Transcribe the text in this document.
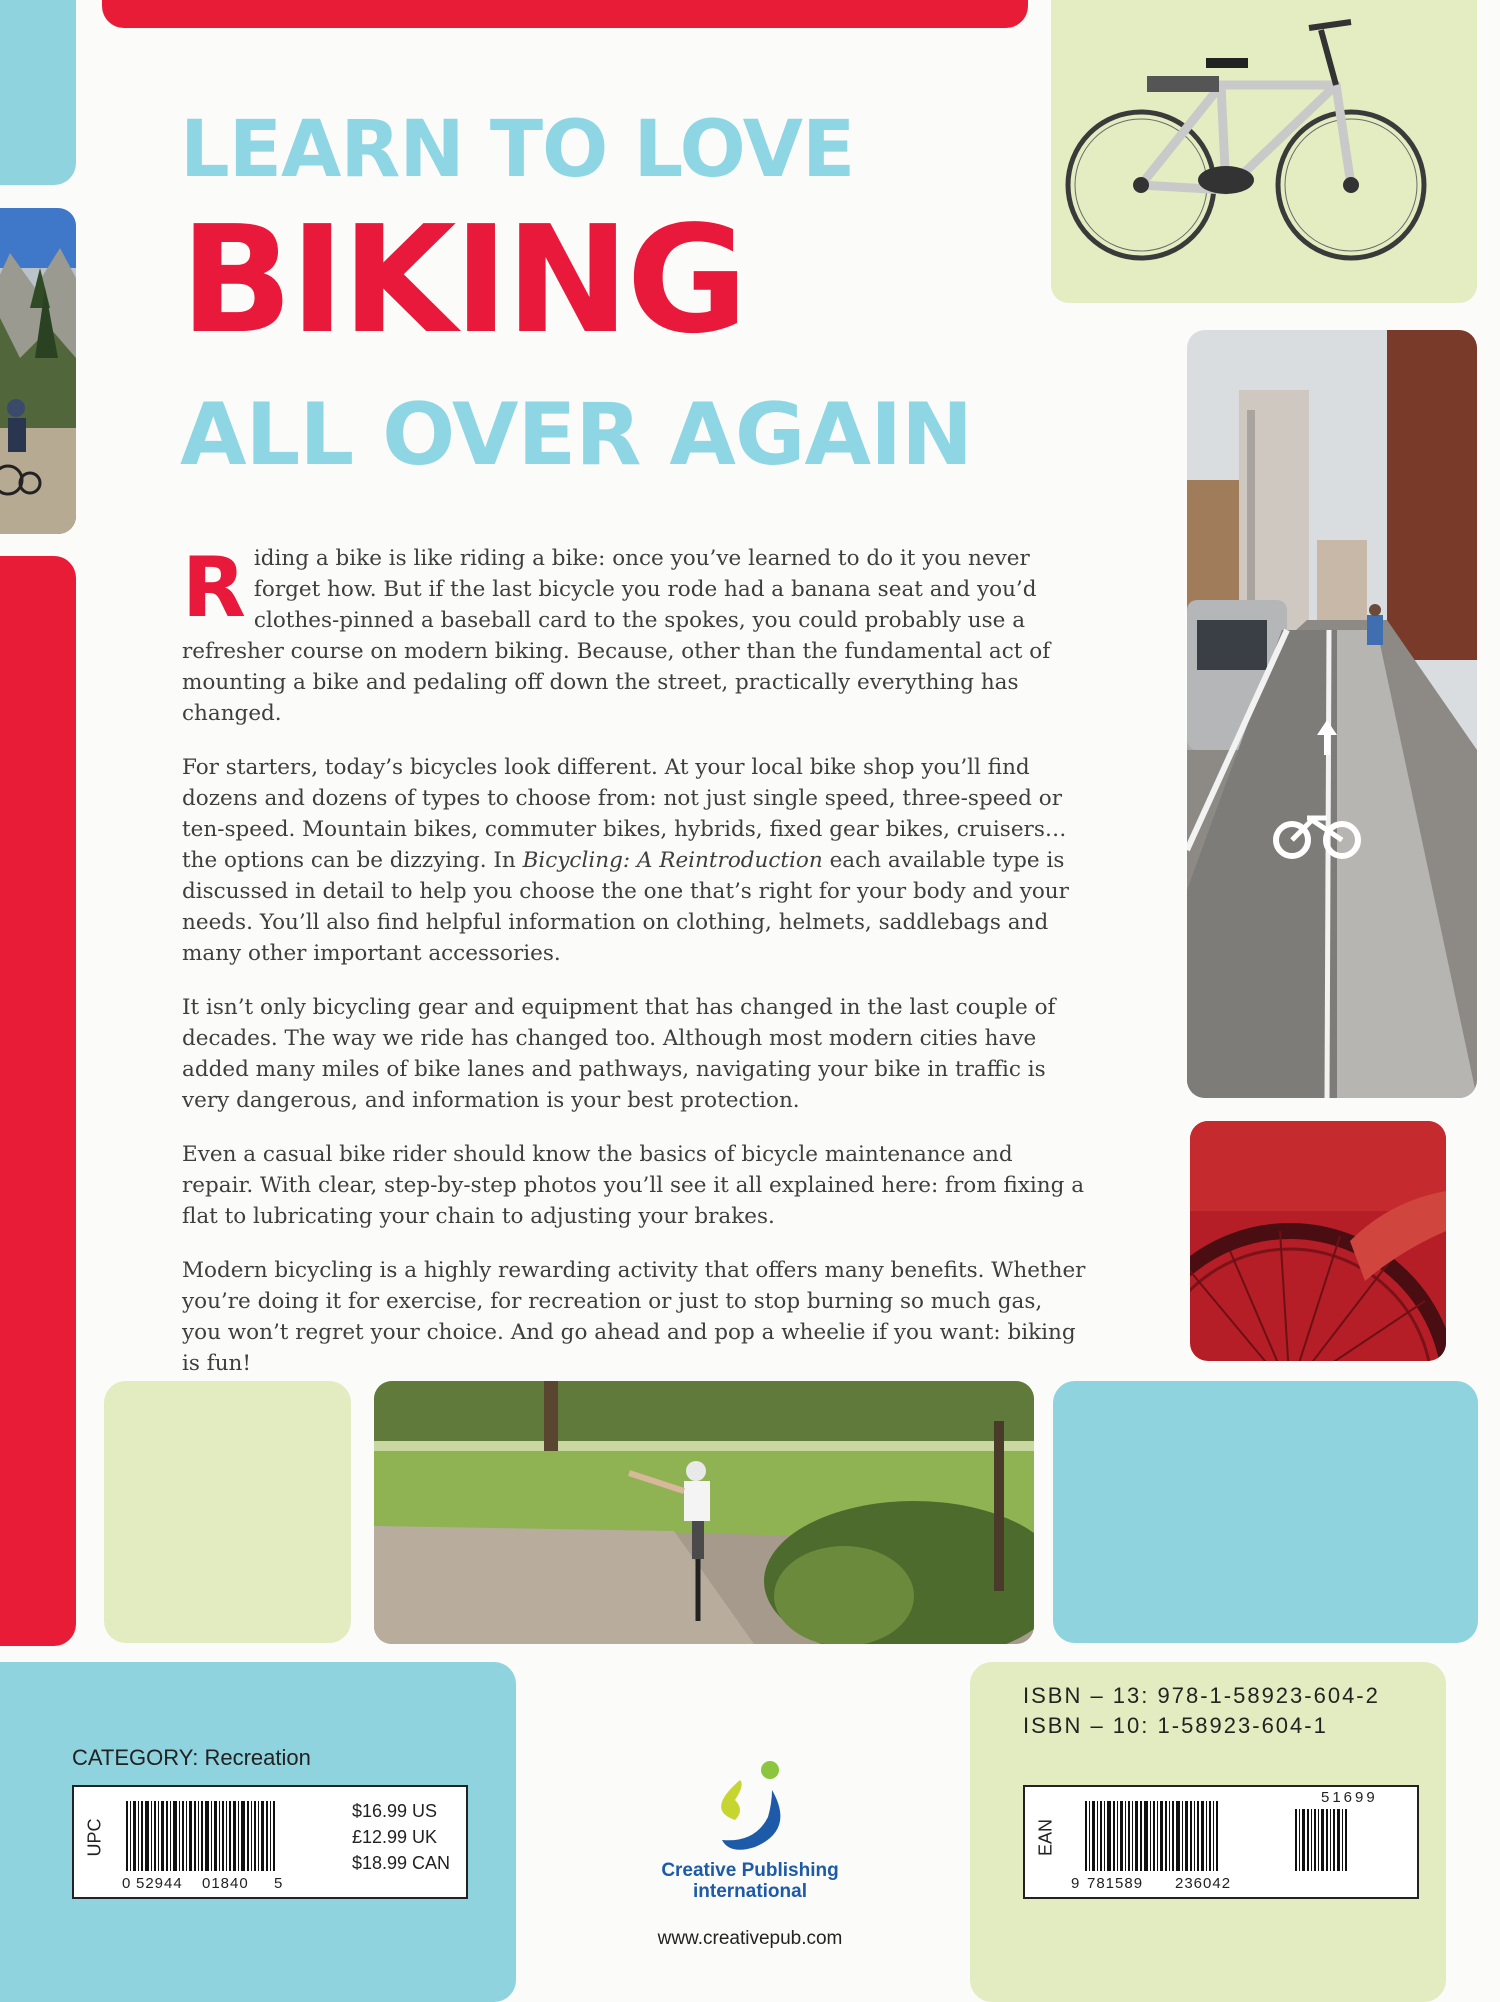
LEARN TO LOVE
BIKING
ALL OVER AGAIN

Riding a bike is like riding a bike: once you’ve learned to do it you never forget how. But if the last bicycle you rode had a banana seat and you’d clothes-pinned a baseball card to the spokes, you could probably use a refresher course on modern biking. Because, other than the fundamental act of mounting a bike and pedaling off down the street, practically everything has changed.

For starters, today’s bicycles look different. At your local bike shop you’ll find dozens and dozens of types to choose from: not just single speed, three-speed or ten-speed. Mountain bikes, commuter bikes, hybrids, fixed gear bikes, cruisers… the options can be dizzying. In Bicycling: A Reintroduction each available type is discussed in detail to help you choose the one that’s right for your body and your needs. You’ll also find helpful information on clothing, helmets, saddlebags and many other important accessories.

It isn’t only bicycling gear and equipment that has changed in the last couple of decades. The way we ride has changed too. Although most modern cities have added many miles of bike lanes and pathways, navigating your bike in traffic is very dangerous, and information is your best protection.

Even a casual bike rider should know the basics of bicycle maintenance and repair. With clear, step-by-step photos you’ll see it all explained here: from fixing a flat to lubricating your chain to adjusting your brakes.

Modern bicycling is a highly rewarding activity that offers many benefits. Whether you’re doing it for exercise, for recreation or just to stop burning so much gas, you won’t regret your choice. And go ahead and pop a wheelie if you want: biking is fun!

CATEGORY: Recreation
UPC
0 52944 01840 5
$16.99 US
£12.99 UK
$18.99 CAN	Creative Publishing
international
www.creativepub.com
ISBN – 13: 978-1-58923-604-2
ISBN – 10: 1-58923-604-1
EAN
51699
9 781589 236042
